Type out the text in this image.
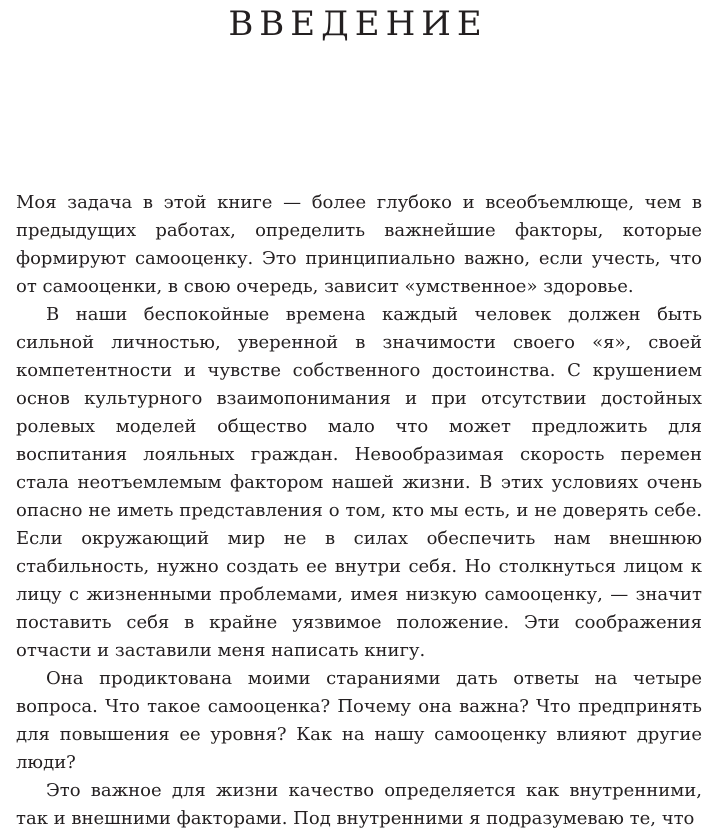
ВВЕДЕНИЕ

Моя задача в этой книге — более глубоко и всеобъемлюще, чем в предыдущих работах, определить важнейшие факторы, которые формируют самооценку. Это принципиально важно, если учесть, что от самооценки, в свою очередь, зависит «умственное» здоровье.

В наши беспокойные времена каждый человек должен быть сильной личностью, уверенной в значимости своего «я», своей компетентности и чувстве собственного достоинства. С крушением основ культурного взаимопонимания и при отсутствии достойных ролевых моделей общество мало что может предложить для воспитания лояльных граждан. Невообразимая скорость перемен стала неотъемлемым фактором нашей жизни. В этих условиях очень опасно не иметь представления о том, кто мы есть, и не доверять себе. Если окружающий мир не в силах обеспечить нам внешнюю стабильность, нужно создать ее внутри себя. Но столкнуться лицом к лицу с жизненными проблемами, имея низкую самооценку, — значит поставить себя в крайне уязвимое положение. Эти соображения отчасти и заставили меня написать книгу.

Она продиктована моими стараниями дать ответы на четыре вопроса. Что такое самооценка? Почему она важна? Что предпринять для повышения ее уровня? Как на нашу самооценку влияют другие люди?

Это важное для жизни качество определяется как внутренними, так и внешними факторами. Под внутренними я подразумеваю те, что
